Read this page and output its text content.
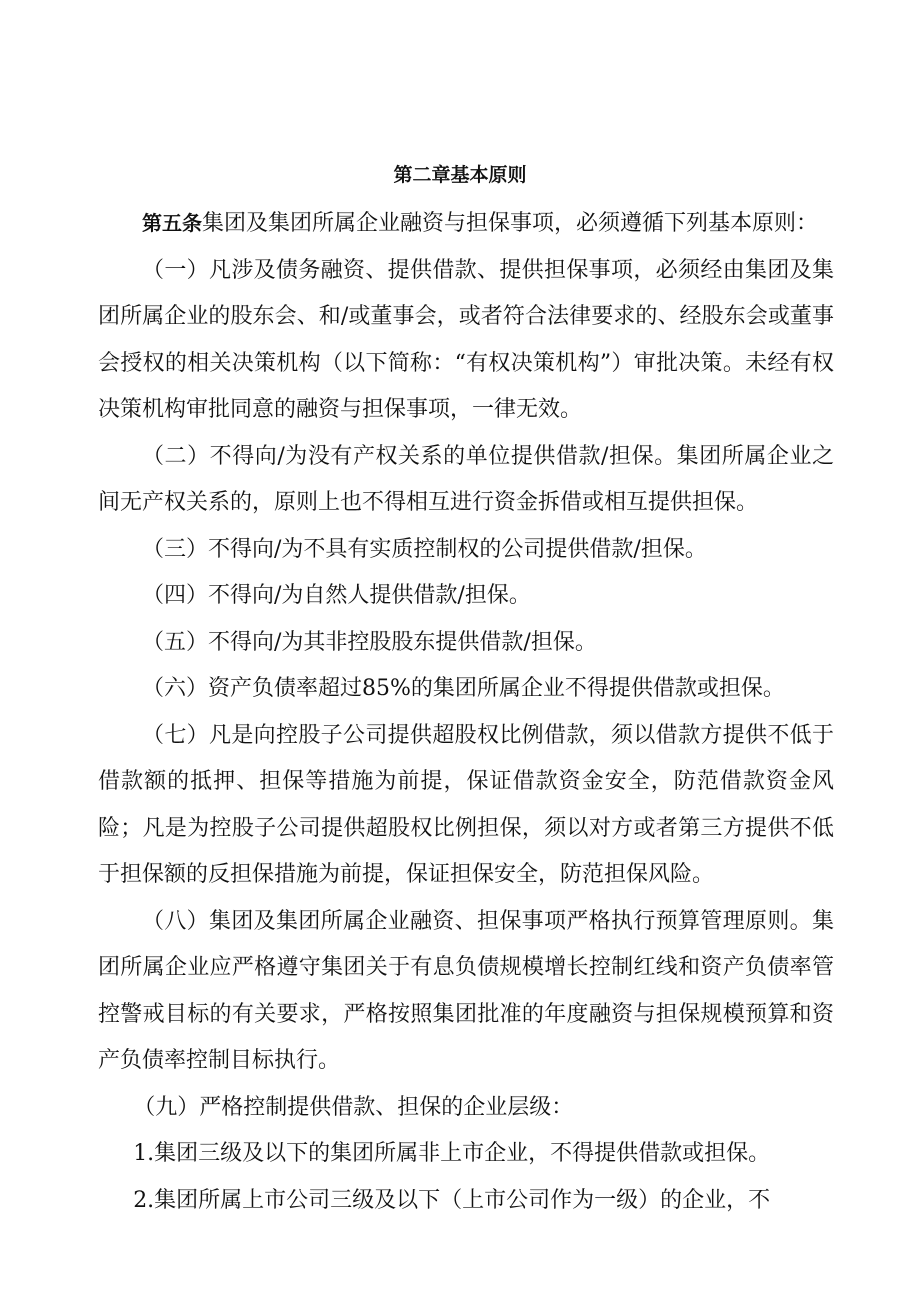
第二章基本原则

第五条集团及集团所属企业融资与担保事项，必须遵循下列基本原则：

（一）凡涉及债务融资、提供借款、提供担保事项，必须经由集团及集团所属企业的股东会、和/或董事会，或者符合法律要求的、经股东会或董事会授权的相关决策机构（以下简称：“有权决策机构”）审批决策。未经有权决策机构审批同意的融资与担保事项，一律无效。

（二）不得向/为没有产权关系的单位提供借款/担保。集团所属企业之间无产权关系的，原则上也不得相互进行资金拆借或相互提供担保。

（三）不得向/为不具有实质控制权的公司提供借款/担保。

（四）不得向/为自然人提供借款/担保。

（五）不得向/为其非控股股东提供借款/担保。

（六）资产负债率超过85%的集团所属企业不得提供借款或担保。

（七）凡是向控股子公司提供超股权比例借款，须以借款方提供不低于借款额的抵押、担保等措施为前提，保证借款资金安全，防范借款资金风险；凡是为控股子公司提供超股权比例担保，须以对方或者第三方提供不低于担保额的反担保措施为前提，保证担保安全，防范担保风险。

（八）集团及集团所属企业融资、担保事项严格执行预算管理原则。集团所属企业应严格遵守集团关于有息负债规模增长控制红线和资产负债率管控警戒目标的有关要求，严格按照集团批准的年度融资与担保规模预算和资产负债率控制目标执行。

（九）严格控制提供借款、担保的企业层级：

1.集团三级及以下的集团所属非上市企业，不得提供借款或担保。

2.集团所属上市公司三级及以下（上市公司作为一级）的企业，不
